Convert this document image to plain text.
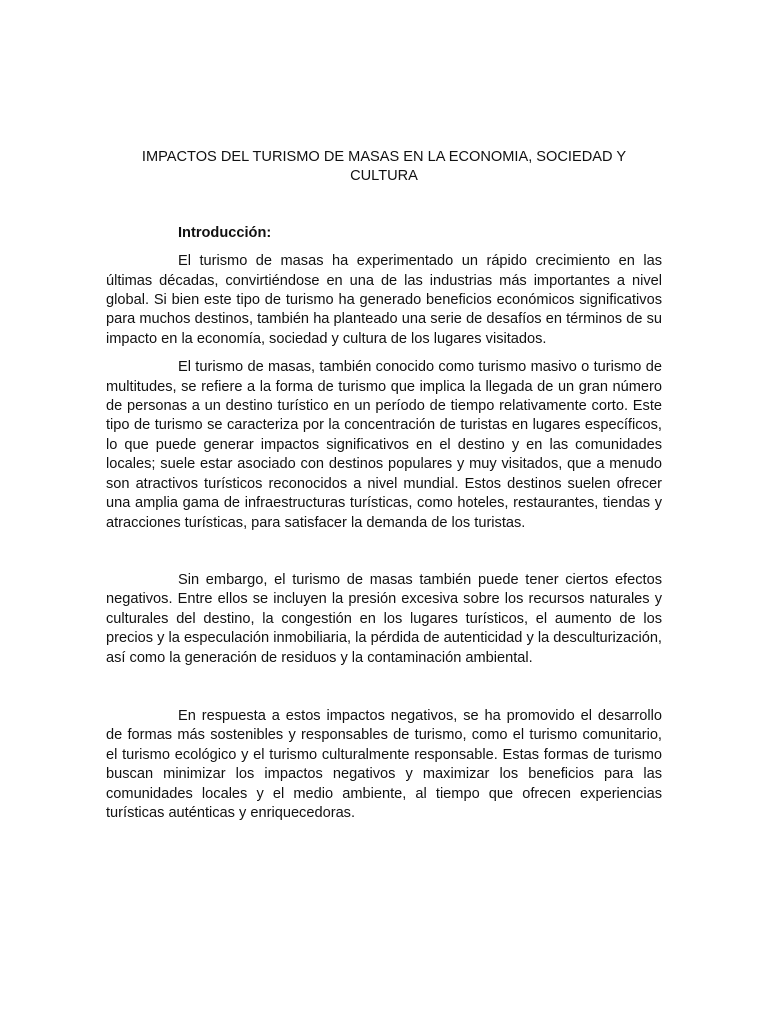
IMPACTOS DEL TURISMO DE MASAS EN LA ECONOMIA, SOCIEDAD Y CULTURA
Introducción:

El turismo de masas ha experimentado un rápido crecimiento en las últimas décadas, convirtiéndose en una de las industrias más importantes a nivel global. Si bien este tipo de turismo ha generado beneficios económicos significativos para muchos destinos, también ha planteado una serie de desafíos en términos de su impacto en la economía, sociedad y cultura de los lugares visitados.

El turismo de masas, también conocido como turismo masivo o turismo de multitudes, se refiere a la forma de turismo que implica la llegada de un gran número de personas a un destino turístico en un período de tiempo relativamente corto. Este tipo de turismo se caracteriza por la concentración de turistas en lugares específicos, lo que puede generar impactos significativos en el destino y en las comunidades locales; suele estar asociado con destinos populares y muy visitados, que a menudo son atractivos turísticos reconocidos a nivel mundial. Estos destinos suelen ofrecer una amplia gama de infraestructuras turísticas, como hoteles, restaurantes, tiendas y atracciones turísticas, para satisfacer la demanda de los turistas.

Sin embargo, el turismo de masas también puede tener ciertos efectos negativos. Entre ellos se incluyen la presión excesiva sobre los recursos naturales y culturales del destino, la congestión en los lugares turísticos, el aumento de los precios y la especulación inmobiliaria, la pérdida de autenticidad y la desculturización, así como la generación de residuos y la contaminación ambiental.

En respuesta a estos impactos negativos, se ha promovido el desarrollo de formas más sostenibles y responsables de turismo, como el turismo comunitario, el turismo ecológico y el turismo culturalmente responsable. Estas formas de turismo buscan minimizar los impactos negativos y maximizar los beneficios para las comunidades locales y el medio ambiente, al tiempo que ofrecen experiencias turísticas auténticas y enriquecedoras.
